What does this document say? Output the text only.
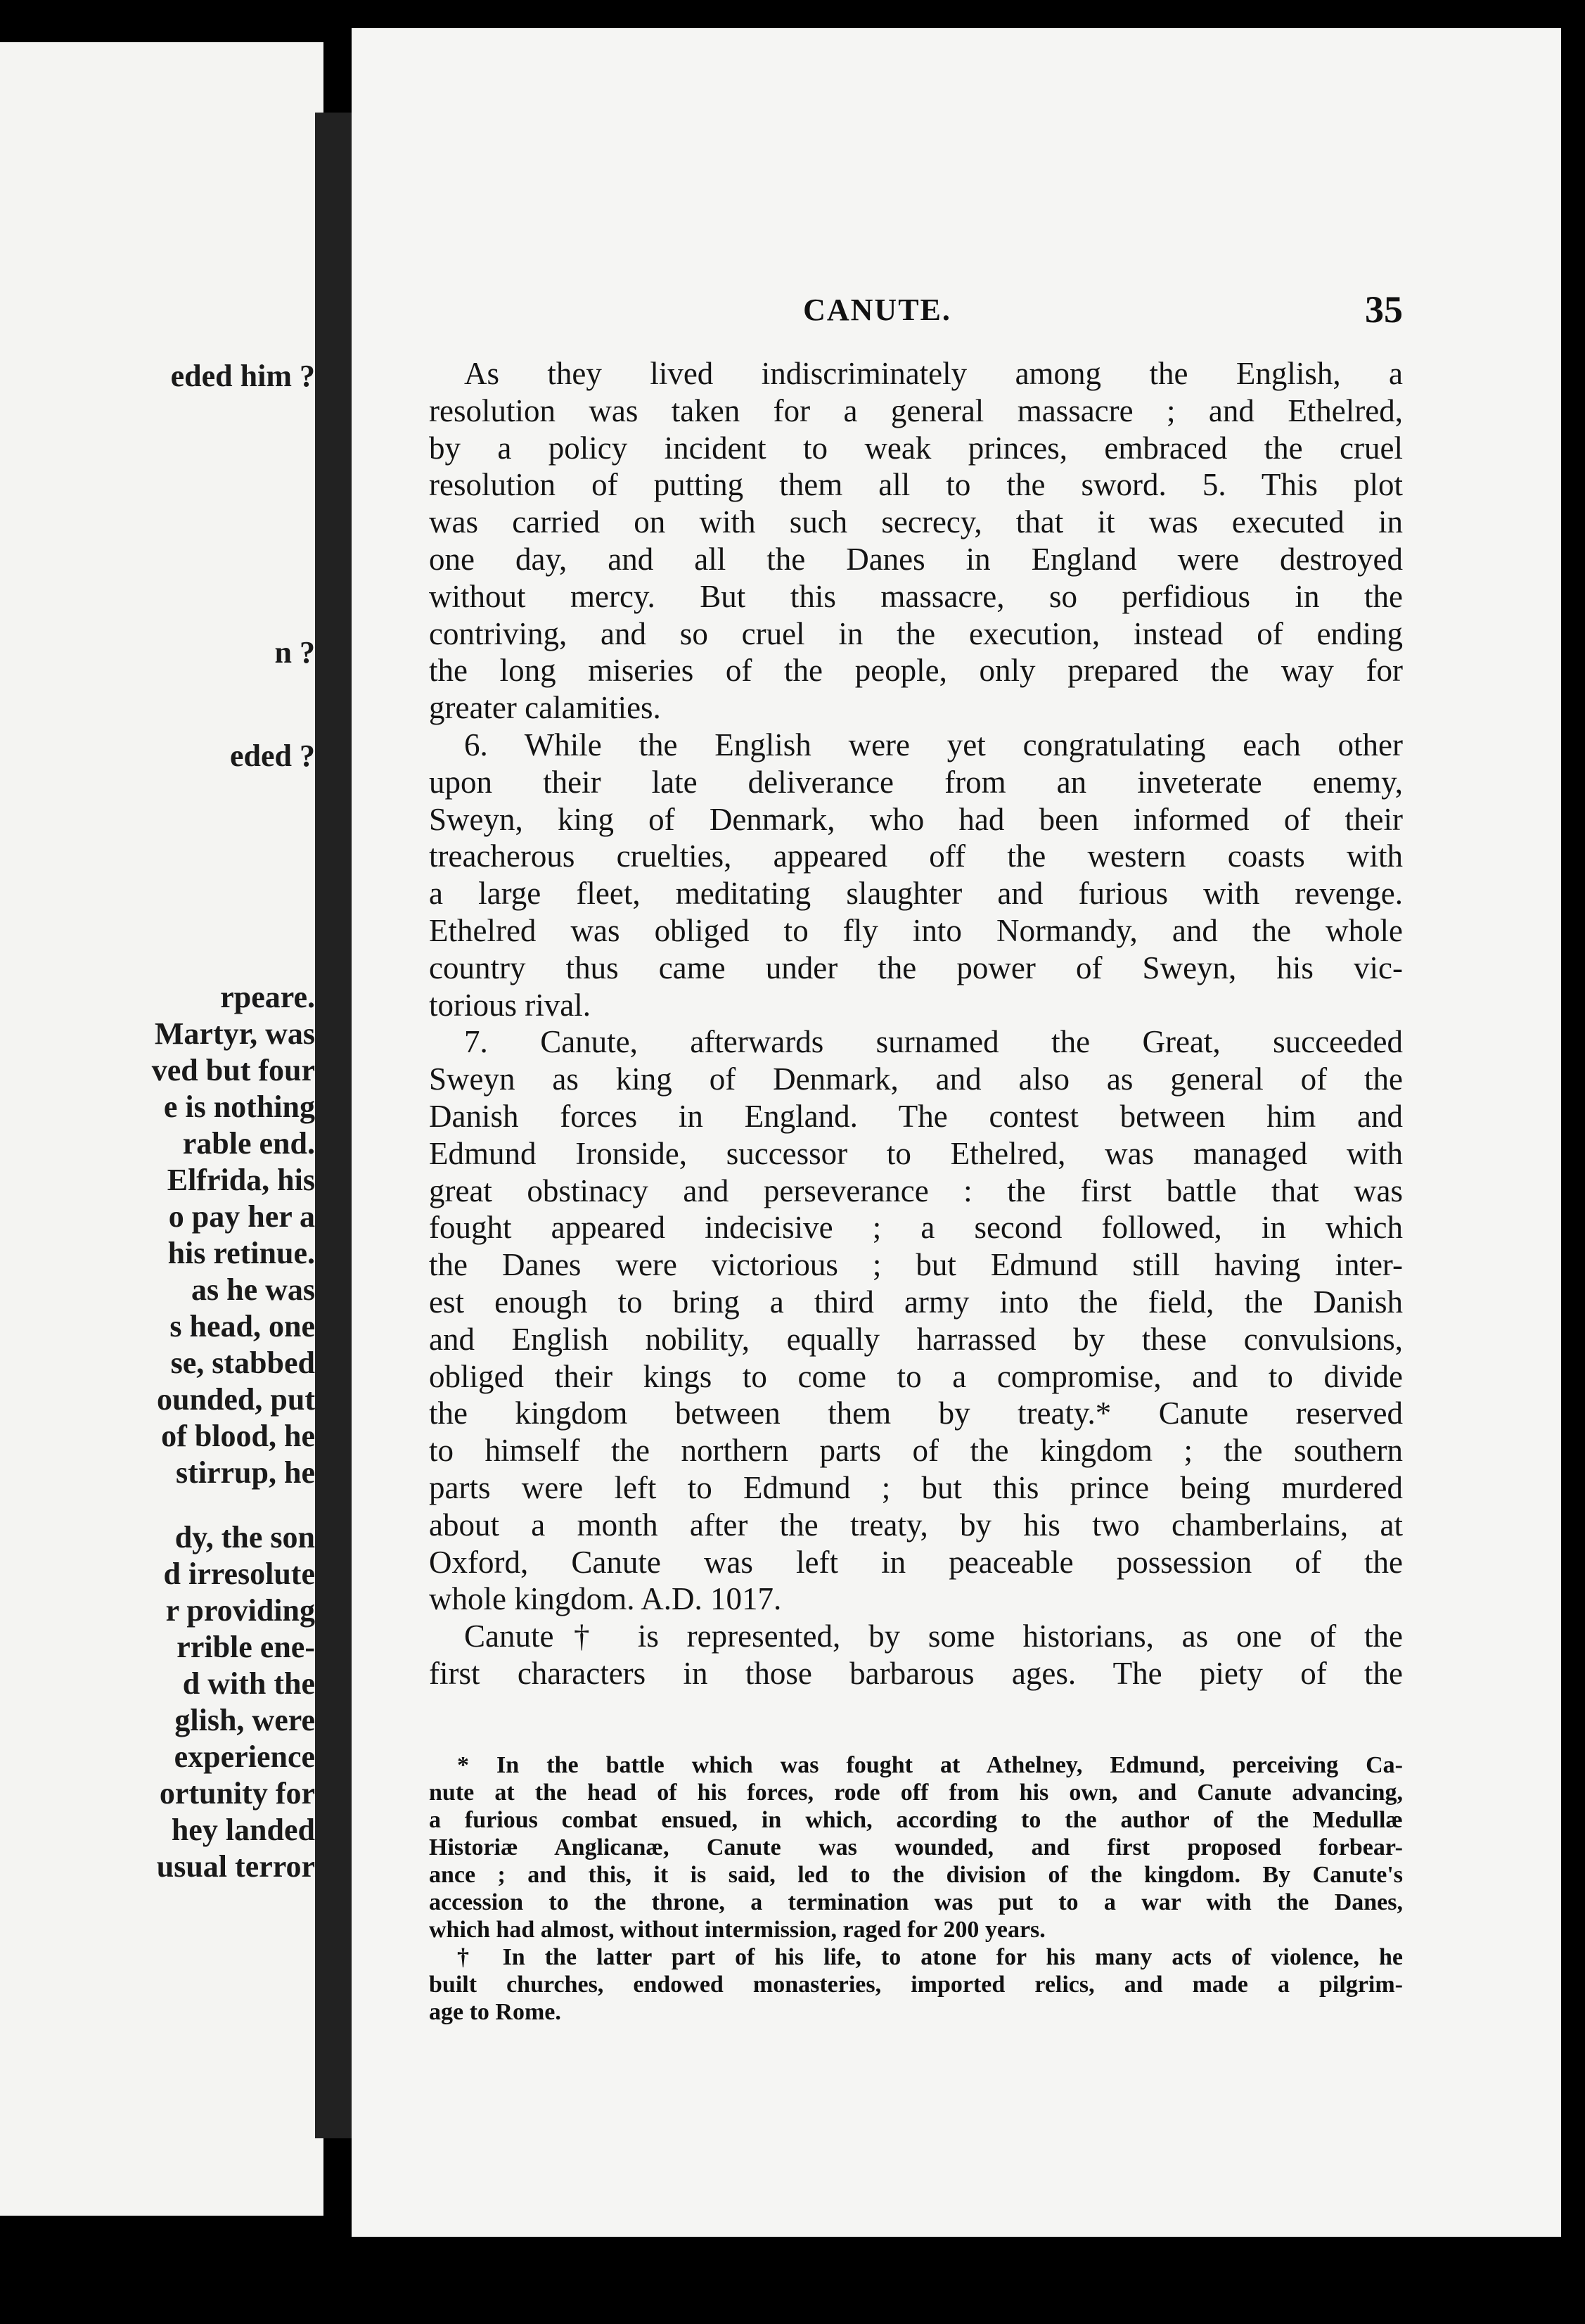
eded him ?
n ?
eded ?
rpeare.
Martyr, was
ved but four
e is nothing
rable end.
Elfrida, his
o pay her a
his retinue.
as he was
s head, one
se, stabbed
ounded, put
of blood, he
stirrup, he
dy, the son
d irresolute
r providing
rrible ene-
d with the
glish, were
experience
ortunity for
hey landed
usual terror
CANUTE.	35
As they lived indiscriminately among the English, a
resolution was taken for a general massacre ; and Ethelred,
by a policy incident to weak princes, embraced the cruel
resolution of putting them all to the sword. 5. This plot
was carried on with such secrecy, that it was executed in
one day, and all the Danes in England were destroyed
without mercy. But this massacre, so perfidious in the
contriving, and so cruel in the execution, instead of ending
the long miseries of the people, only prepared the way for
greater calamities.
6. While the English were yet congratulating each other
upon their late deliverance from an inveterate enemy,
Sweyn, king of Denmark, who had been informed of their
treacherous cruelties, appeared off the western coasts with
a large fleet, meditating slaughter and furious with revenge.
Ethelred was obliged to fly into Normandy, and the whole
country thus came under the power of Sweyn, his vic-
torious rival.
7. Canute, afterwards surnamed the Great, succeeded
Sweyn as king of Denmark, and also as general of the
Danish forces in England. The contest between him and
Edmund Ironside, successor to Ethelred, was managed with
great obstinacy and perseverance : the first battle that was
fought appeared indecisive ; a second followed, in which
the Danes were victorious ; but Edmund still having inter-
est enough to bring a third army into the field, the Danish
and English nobility, equally harrassed by these convulsions,
obliged their kings to come to a compromise, and to divide
the kingdom between them by treaty.* Canute reserved
to himself the northern parts of the kingdom ; the southern
parts were left to Edmund ; but this prince being murdered
about a month after the treaty, by his two chamberlains, at
Oxford, Canute was left in peaceable possession of the
whole kingdom. A.D. 1017.
Canute† is represented, by some historians, as one of the
first characters in those barbarous ages. The piety of the
* In the battle which was fought at Athelney, Edmund, perceiving Ca-
nute at the head of his forces, rode off from his own, and Canute advancing,
a furious combat ensued, in which, according to the author of the Medullæ
Historiæ Anglicanæ, Canute was wounded, and first proposed forbear-
ance ; and this, it is said, led to the division of the kingdom. By Canute's
accession to the throne, a termination was put to a war with the Danes,
which had almost, without intermission, raged for 200 years.
† In the latter part of his life, to atone for his many acts of violence, he
built churches, endowed monasteries, imported relics, and made a pilgrim-
age to Rome.
